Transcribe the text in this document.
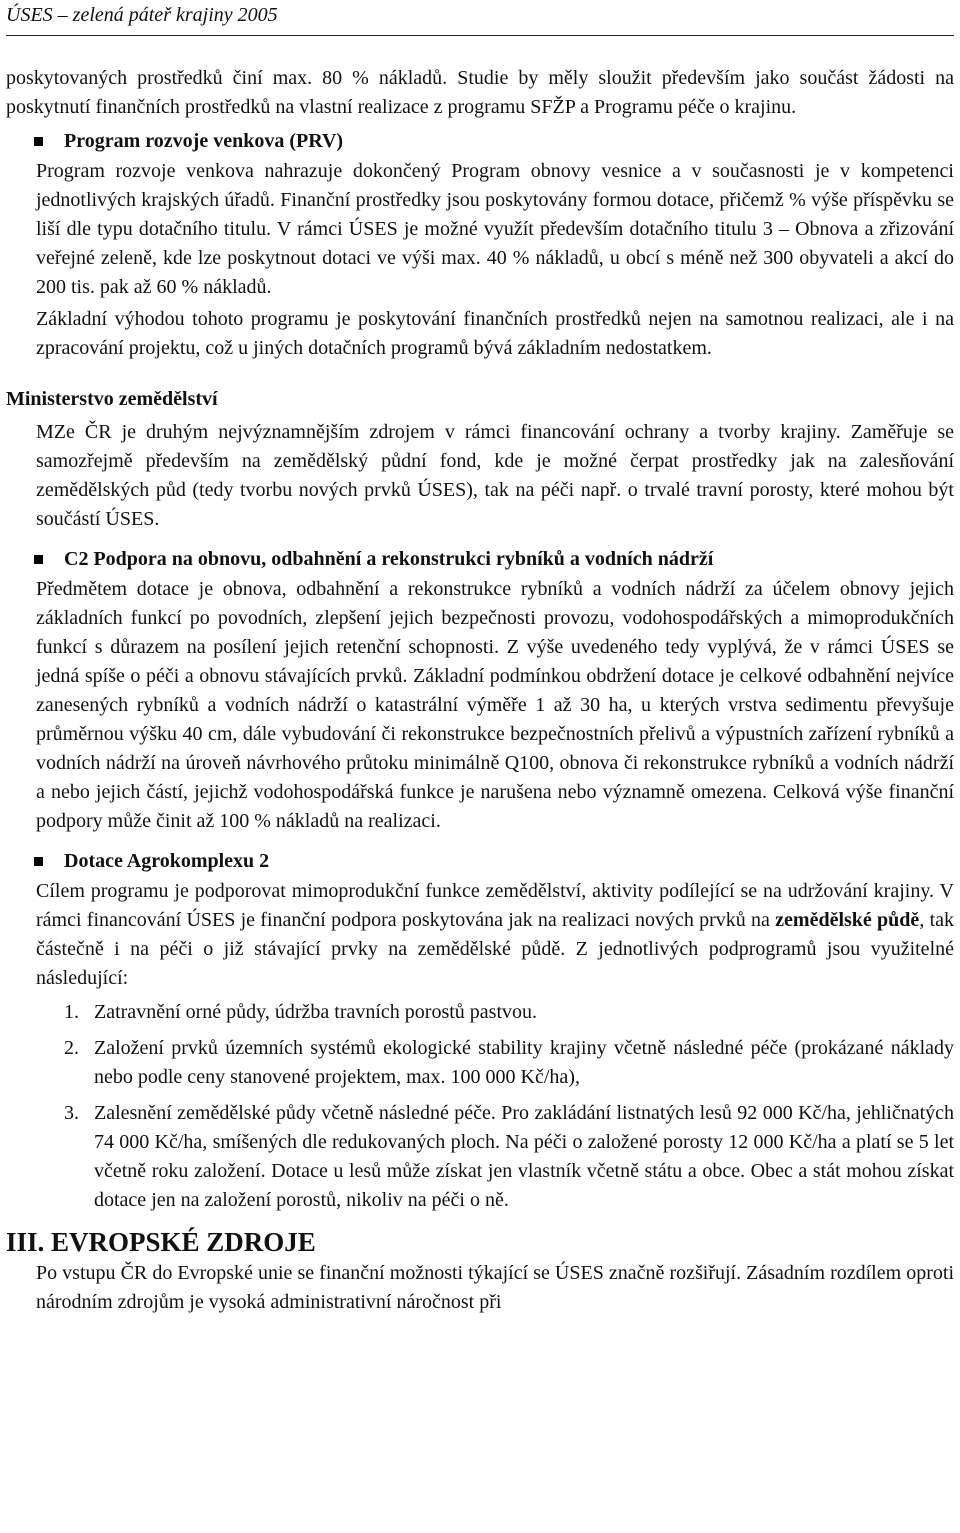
ÚSES – zelená páteř krajiny 2005

poskytovaných prostředků činí max. 80 % nákladů. Studie by měly sloužit především jako součást žádosti na poskytnutí finančních prostředků na vlastní realizace z programu SFŽP a Programu péče o krajinu.

Program rozvoje venkova (PRV)

Program rozvoje venkova nahrazuje dokončený Program obnovy vesnice a v současnosti je v kompetenci jednotlivých krajských úřadů. Finanční prostředky jsou poskytovány formou dotace, přičemž % výše příspěvku se liší dle typu dotačního titulu. V rámci ÚSES je možné využít především dotačního titulu 3 – Obnova a zřizování veřejné zeleně, kde lze poskytnout dotaci ve výši max. 40 % nákladů, u obcí s méně než 300 obyvateli a akcí do 200 tis. pak až 60 % nákladů.

Základní výhodou tohoto programu je poskytování finančních prostředků nejen na samotnou realizaci, ale i na zpracování projektu, což u jiných dotačních programů bývá základním nedostatkem.

Ministerstvo zemědělství

MZe ČR je druhým nejvýznamnějším zdrojem v rámci financování ochrany a tvorby krajiny. Zaměřuje se samozřejmě především na zemědělský půdní fond, kde je možné čerpat prostředky jak na zalesňování zemědělských půd (tedy tvorbu nových prvků ÚSES), tak na péči např. o trvalé travní porosty, které mohou být součástí ÚSES.

C2 Podpora na obnovu, odbahnění a rekonstrukci rybníků a vodních nádrží

Předmětem dotace je obnova, odbahnění a rekonstrukce rybníků a vodních nádrží za účelem obnovy jejich základních funkcí po povodních, zlepšení jejich bezpečnosti provozu, vodohospodářských a mimoprodukčních funkcí s důrazem na posílení jejich retenční schopnosti. Z výše uvedeného tedy vyplývá, že v rámci ÚSES se jedná spíše o péči a obnovu stávajících prvků. Základní podmínkou obdržení dotace je celkové odbahnění nejvíce zanesených rybníků a vodních nádrží o katastrální výměře 1 až 30 ha, u kterých vrstva sedimentu převyšuje průměrnou výšku 40 cm, dále vybudování či rekonstrukce bezpečnostních přelivů a výpustních zařízení rybníků a vodních nádrží na úroveň návrhového průtoku minimálně Q100, obnova či rekonstrukce rybníků a vodních nádrží a nebo jejich částí, jejichž vodohospodářská funkce je narušena nebo významně omezena. Celková výše finanční podpory může činit až 100 % nákladů na realizaci.

Dotace Agrokomplexu 2

Cílem programu je podporovat mimoprodukční funkce zemědělství, aktivity podílející se na udržování krajiny. V rámci financování ÚSES je finanční podpora poskytována jak na realizaci nových prvků na zemědělské půdě, tak částečně i na péči o již stávající prvky na zemědělské půdě. Z jednotlivých podprogramů jsou využitelné následující:

1. Zatravnění orné půdy, údržba travních porostů pastvou.
2. Založení prvků územních systémů ekologické stability krajiny včetně následné péče (prokázané náklady nebo podle ceny stanovené projektem, max. 100 000 Kč/ha),
3. Zalesnění zemědělské půdy včetně následné péče. Pro zakládání listnatých lesů 92 000 Kč/ha, jehličnatých 74 000 Kč/ha, smíšených dle redukovaných ploch. Na péči o založené porosty 12 000 Kč/ha a platí se 5 let včetně roku založení. Dotace u lesů může získat jen vlastník včetně státu a obce. Obec a stát mohou získat dotace jen na založení porostů, nikoliv na péči o ně.
III. EVROPSKÉ ZDROJE

Po vstupu ČR do Evropské unie se finanční možnosti týkající se ÚSES značně rozšiřují. Zásadním rozdílem oproti národním zdrojům je vysoká administrativní náročnost při
